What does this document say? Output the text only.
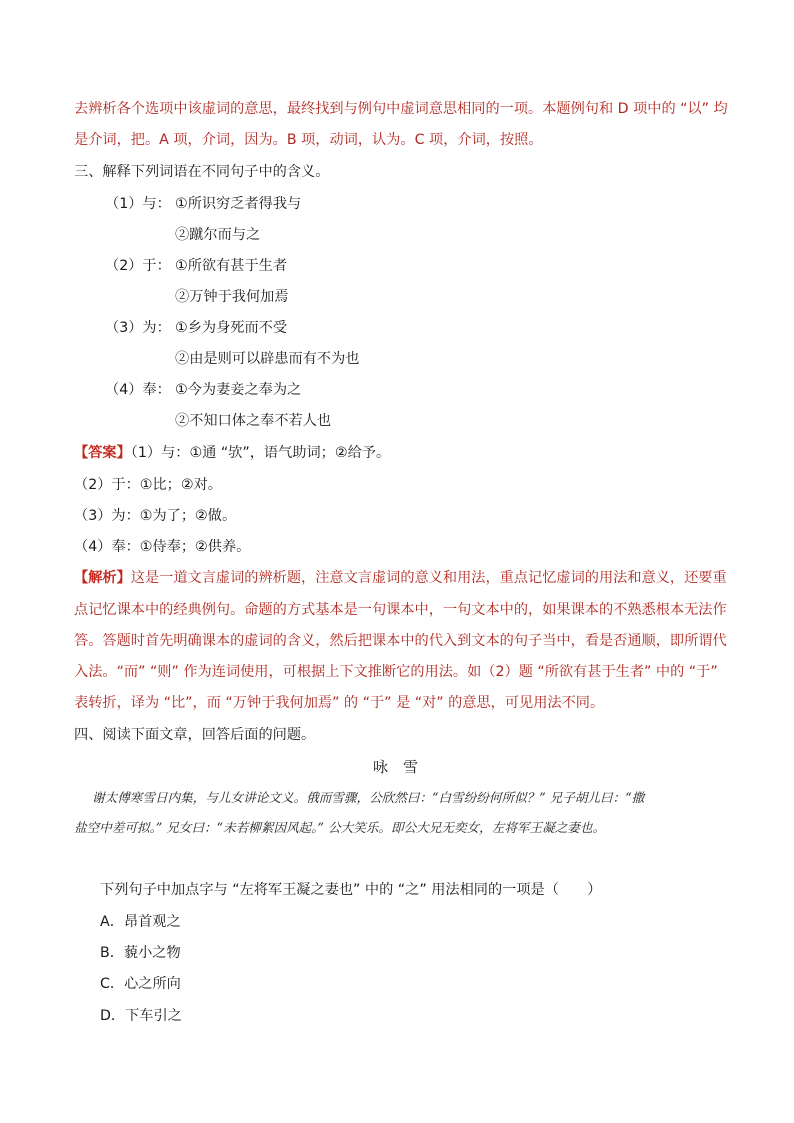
去辨析各个选项中该虚词的意思，最终找到与例句中虚词意思相同的一项。本题例句和 D 项中的 “以” 均
是介词，把。A 项，介词，因为。B 项，动词，认为。C 项，介词，按照。
三、解释下列词语在不同句子中的含义。
（1）与： ①所识穷乏者得我与
②蹴尔而与之
（2）于： ①所欲有甚于生者
②万钟于我何加焉
（3）为： ①乡为身死而不受
②由是则可以辟患而有不为也
（4）奉： ①今为妻妾之奉为之
②不知口体之奉不若人也
【答案】（1）与：①通 “欤”，语气助词；②给予。
（2）于：①比；②对。
（3）为：①为了；②做。
（4）奉：①侍奉；②供养。
【解析】这是一道文言虚词的辨析题，注意文言虚词的意义和用法，重点记忆虚词的用法和意义，还要重
点记忆课本中的经典例句。命题的方式基本是一句课本中，一句文本中的，如果课本的不熟悉根本无法作
答。答题时首先明确课本的虚词的含义，然后把课本中的代入到文本的句子当中，看是否通顺，即所谓代
入法。“而” “则” 作为连词使用，可根据上下文推断它的用法。如（2）题 “所欲有甚于生者” 中的 “于”
表转折，译为 “比”，而 “万钟于我何加焉” 的 “于” 是 “对” 的意思，可见用法不同。
四、阅读下面文章，回答后面的问题。
咏　雪
谢太傅寒雪日内集，与儿女讲论文义。俄而雪骤，公欣然曰：“白雪纷纷何所似？” 兄子胡儿曰：“撒
盐空中差可拟。” 兄女曰：“未若柳絮因风起。” 公大笑乐。即公大兄无奕女，左将军王凝之妻也。
下列句子中加点字与 “左将军王凝之妻也” 中的 “之” 用法相同的一项是（　　）
A．昂首观之
B．藐小之物
C．心之所向
D．下车引之
